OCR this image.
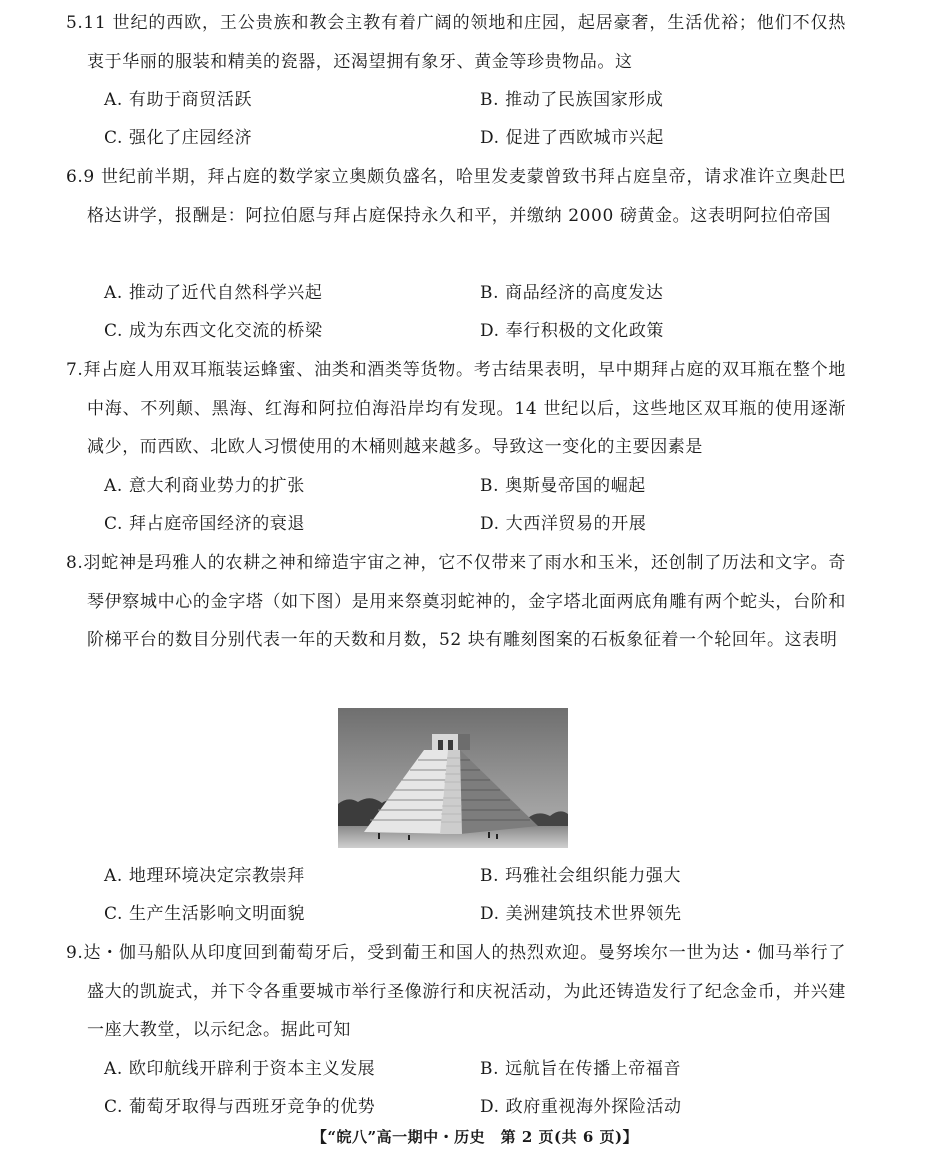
5.11 世纪的西欧，王公贵族和教会主教有着广阔的领地和庄园，起居豪奢，生活优裕；他们不仅热衷于华丽的服装和精美的瓷器，还渴望拥有象牙、黄金等珍贵物品。这
A. 有助于商贸活跃	B. 推动了民族国家形成
C. 强化了庄园经济	D. 促进了西欧城市兴起
6.9 世纪前半期，拜占庭的数学家立奥颇负盛名，哈里发麦蒙曾致书拜占庭皇帝，请求准许立奥赴巴格达讲学，报酬是：阿拉伯愿与拜占庭保持永久和平，并缴纳 2000 磅黄金。这表明阿拉伯帝国
A. 推动了近代自然科学兴起	B. 商品经济的高度发达
C. 成为东西文化交流的桥梁	D. 奉行积极的文化政策
7.拜占庭人用双耳瓶装运蜂蜜、油类和酒类等货物。考古结果表明，早中期拜占庭的双耳瓶在整个地中海、不列颠、黑海、红海和阿拉伯海沿岸均有发现。14 世纪以后，这些地区双耳瓶的使用逐渐减少，而西欧、北欧人习惯使用的木桶则越来越多。导致这一变化的主要因素是
A. 意大利商业势力的扩张	B. 奥斯曼帝国的崛起
C. 拜占庭帝国经济的衰退	D. 大西洋贸易的开展
8.羽蛇神是玛雅人的农耕之神和缔造宇宙之神，它不仅带来了雨水和玉米，还创制了历法和文字。奇琴伊察城中心的金字塔（如下图）是用来祭奠羽蛇神的，金字塔北面两底角雕有两个蛇头，台阶和阶梯平台的数目分别代表一年的天数和月数，52 块有雕刻图案的石板象征着一个轮回年。这表明
A. 地理环境决定宗教崇拜	B. 玛雅社会组织能力强大
C. 生产生活影响文明面貌	D. 美洲建筑技术世界领先
9.达・伽马船队从印度回到葡萄牙后，受到葡王和国人的热烈欢迎。曼努埃尔一世为达・伽马举行了盛大的凯旋式，并下令各重要城市举行圣像游行和庆祝活动，为此还铸造发行了纪念金币，并兴建一座大教堂，以示纪念。据此可知
A. 欧印航线开辟利于资本主义发展	B. 远航旨在传播上帝福音
C. 葡萄牙取得与西班牙竞争的优势	D. 政府重视海外探险活动
【“皖八”高一期中・历史　第 2 页(共 6 页)】
